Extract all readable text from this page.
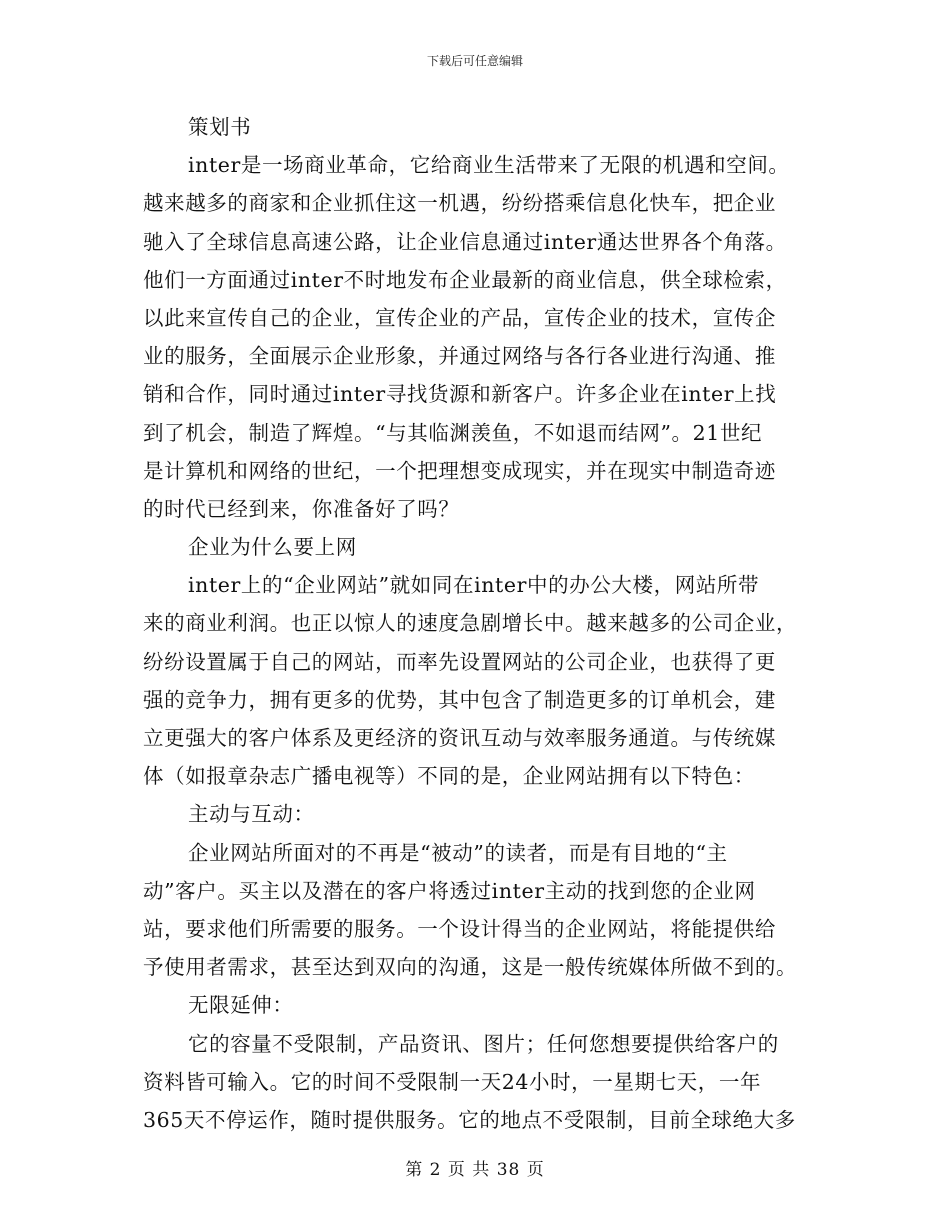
下载后可任意编辑
策划书
inter是一场商业革命，它给商业生活带来了无限的机遇和空间。
越来越多的商家和企业抓住这一机遇，纷纷搭乘信息化快车，把企业
驰入了全球信息高速公路，让企业信息通过inter通达世界各个角落。
他们一方面通过inter不时地发布企业最新的商业信息，供全球检索，
以此来宣传自己的企业，宣传企业的产品，宣传企业的技术，宣传企
业的服务，全面展示企业形象，并通过网络与各行各业进行沟通、推
销和合作，同时通过inter寻找货源和新客户。许多企业在inter上找
到了机会，制造了辉煌。“与其临渊羡鱼，不如退而结网”。21世纪
是计算机和网络的世纪，一个把理想变成现实，并在现实中制造奇迹
的时代已经到来，你准备好了吗？
企业为什么要上网
inter上的“企业网站”就如同在inter中的办公大楼，网站所带
来的商业利润。也正以惊人的速度急剧增长中。越来越多的公司企业，
纷纷设置属于自己的网站，而率先设置网站的公司企业，也获得了更
强的竞争力，拥有更多的优势，其中包含了制造更多的订单机会，建
立更强大的客户体系及更经济的资讯互动与效率服务通道。与传统媒
体（如报章杂志广播电视等）不同的是，企业网站拥有以下特色：
主动与互动：
企业网站所面对的不再是“被动”的读者，而是有目地的“主
动”客户。买主以及潜在的客户将透过inter主动的找到您的企业网
站，要求他们所需要的服务。一个设计得当的企业网站，将能提供给
予使用者需求，甚至达到双向的沟通，这是一般传统媒体所做不到的。
无限延伸：
它的容量不受限制，产品资讯、图片；任何您想要提供给客户的
资料皆可输入。它的时间不受限制一天24小时，一星期七天，一年
365天不停运作，随时提供服务。它的地点不受限制，目前全球绝大多
第 2 页 共 38 页
